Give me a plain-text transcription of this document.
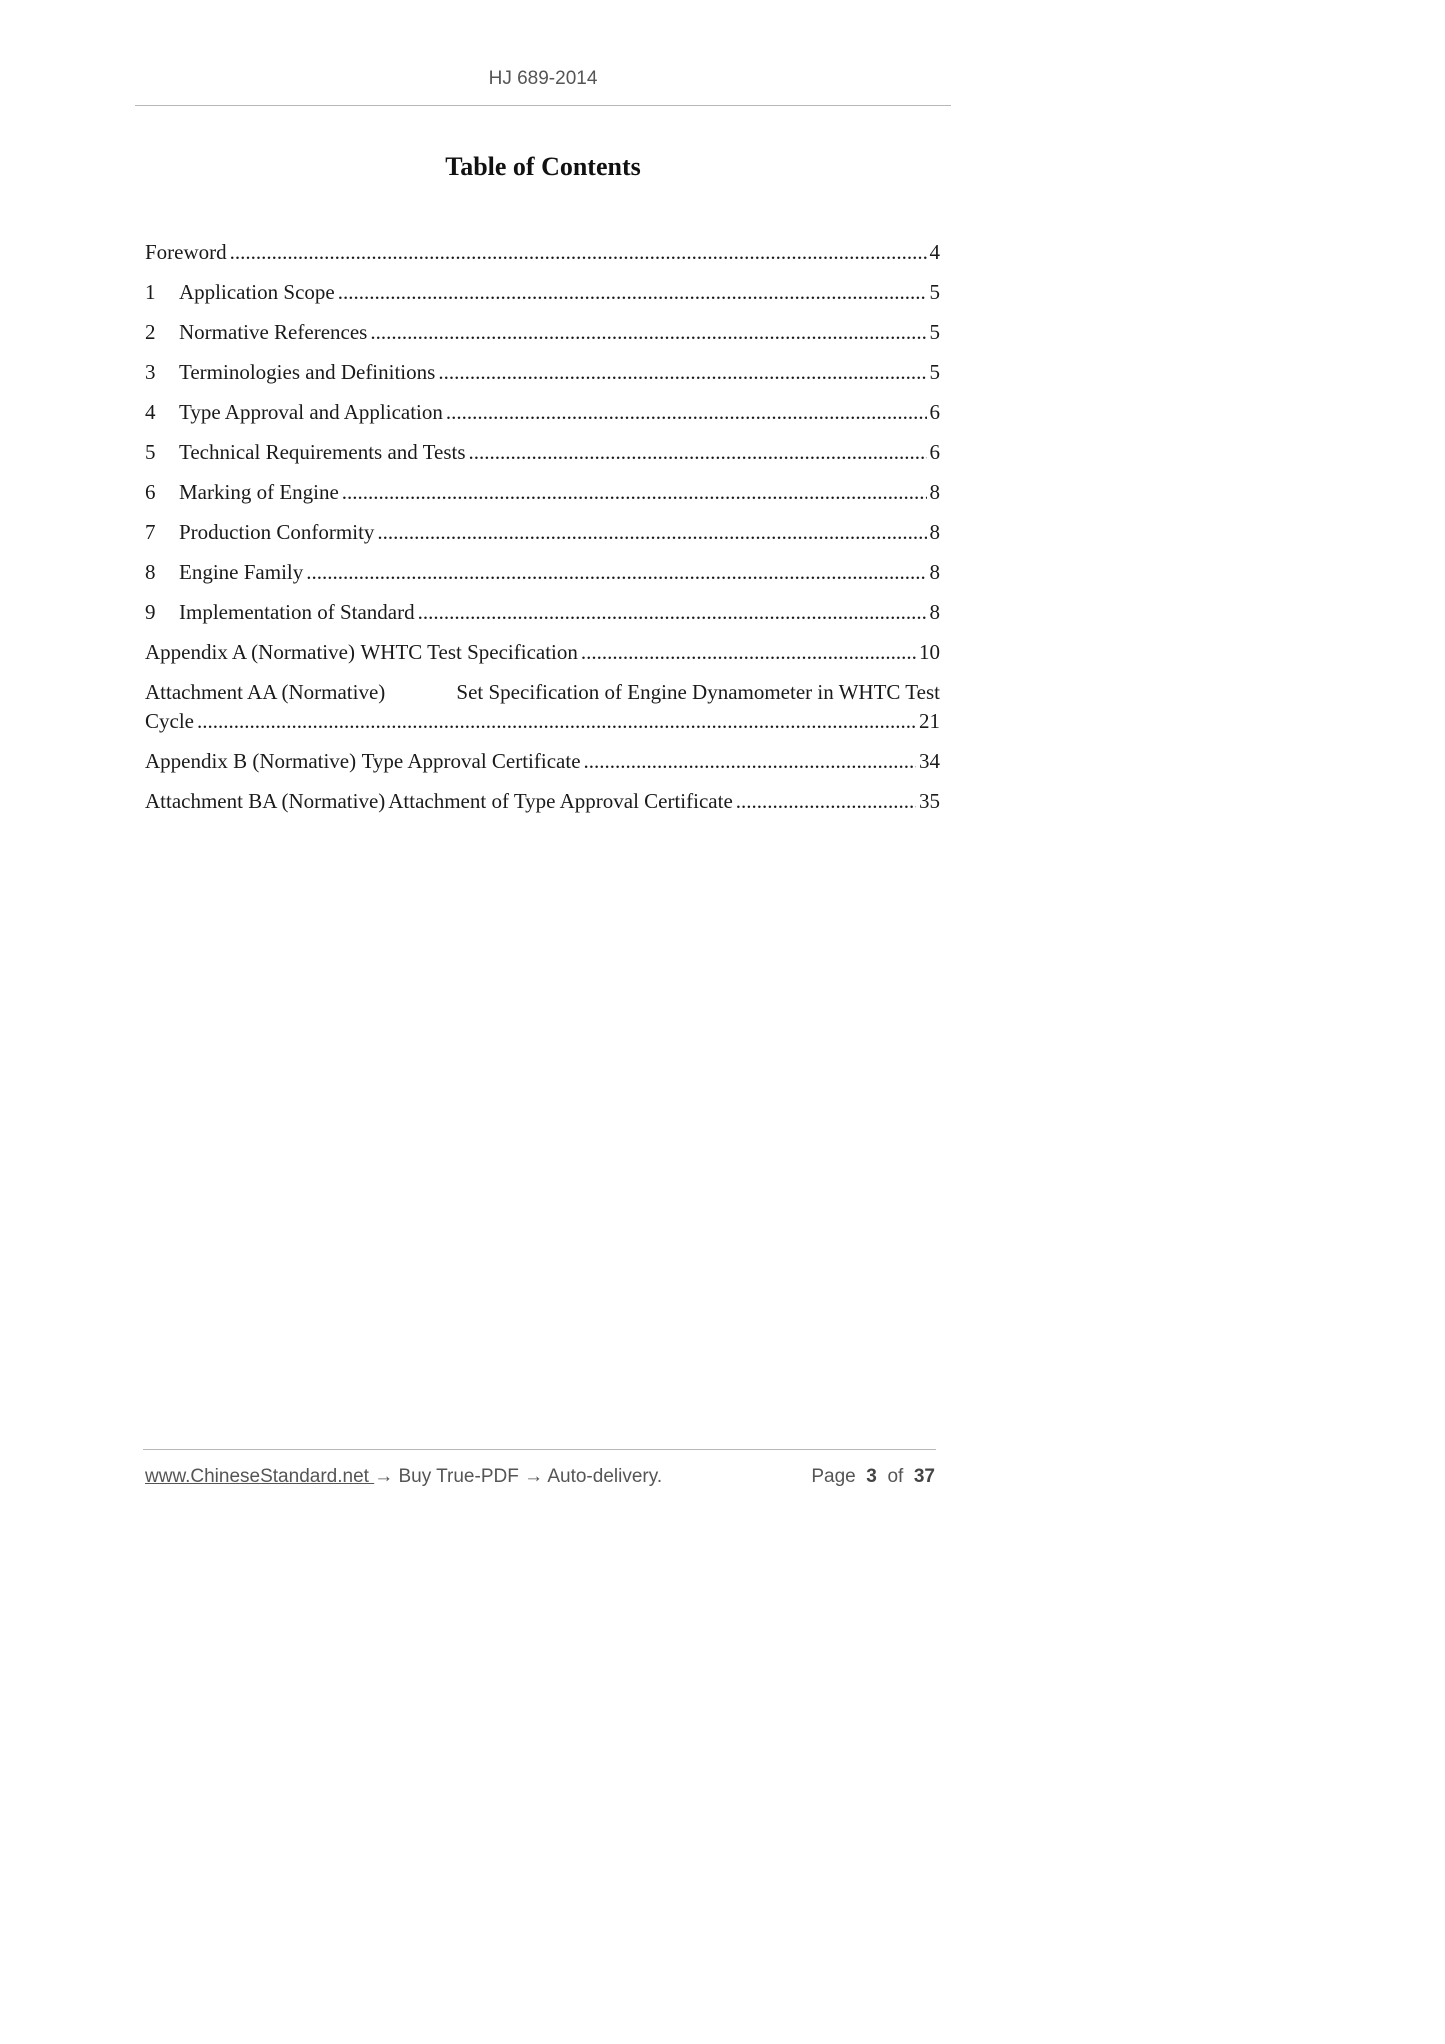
HJ 689-2014
Table of Contents
Foreword .....	4
1	Application Scope .....	5
2	Normative References .....	5
3	Terminologies and Definitions .....	5
4	Type Approval and Application .....	6
5	Technical Requirements and Tests .....	6
6	Marking of Engine .....	8
7	Production Conformity .....	8
8	Engine Family .....	8
9	Implementation of Standard .....	8
Appendix A (Normative) WHTC Test Specification .....	10
Attachment AA (Normative)	Set Specification of Engine Dynamometer in WHTC Test
Cycle .....	21
Appendix B (Normative) Type Approval Certificate .....	34
Attachment BA (Normative) Attachment of Type Approval Certificate .....	35
www.ChineseStandard.net → Buy True-PDF → Auto-delivery.	Page 3 of 37
